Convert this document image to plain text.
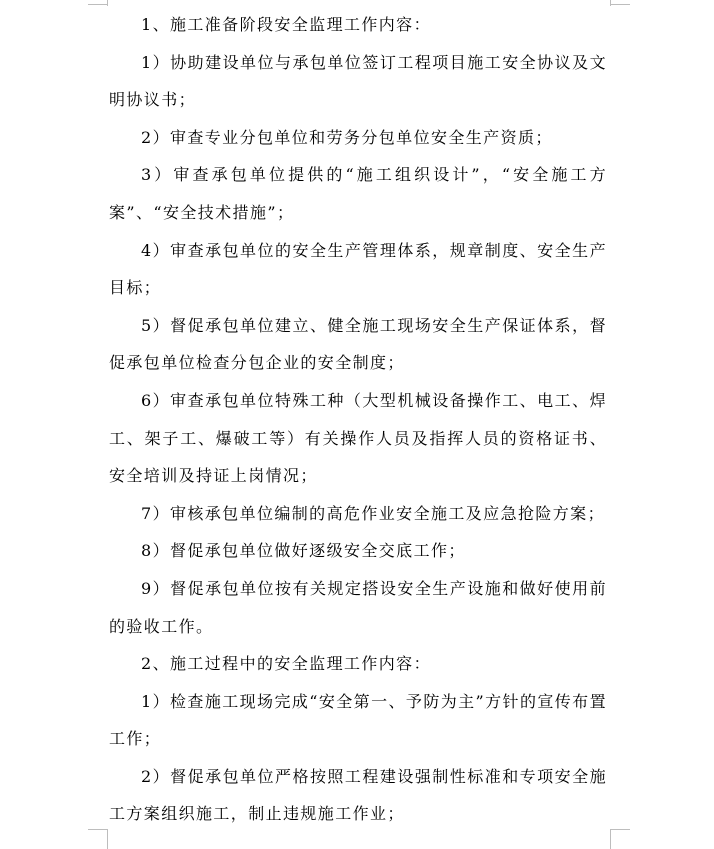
1、施工准备阶段安全监理工作内容：

1）协助建设单位与承包单位签订工程项目施工安全协议及文明协议书；

2）审查专业分包单位和劳务分包单位安全生产资质；

3）审查承包单位提供的“施工组织设计”，“安全施工方案”、“安全技术措施”；

4）审查承包单位的安全生产管理体系，规章制度、安全生产目标；

5）督促承包单位建立、健全施工现场安全生产保证体系，督促承包单位检查分包企业的安全制度；

6）审查承包单位特殊工种（大型机械设备操作工、电工、焊工、架子工、爆破工等）有关操作人员及指挥人员的资格证书、安全培训及持证上岗情况；

7）审核承包单位编制的高危作业安全施工及应急抢险方案；

8）督促承包单位做好逐级安全交底工作；

9）督促承包单位按有关规定搭设安全生产设施和做好使用前的验收工作。

2、施工过程中的安全监理工作内容：

1）检查施工现场完成“安全第一、予防为主”方针的宣传布置工作；

2）督促承包单位严格按照工程建设强制性标准和专项安全施工方案组织施工，制止违规施工作业；
